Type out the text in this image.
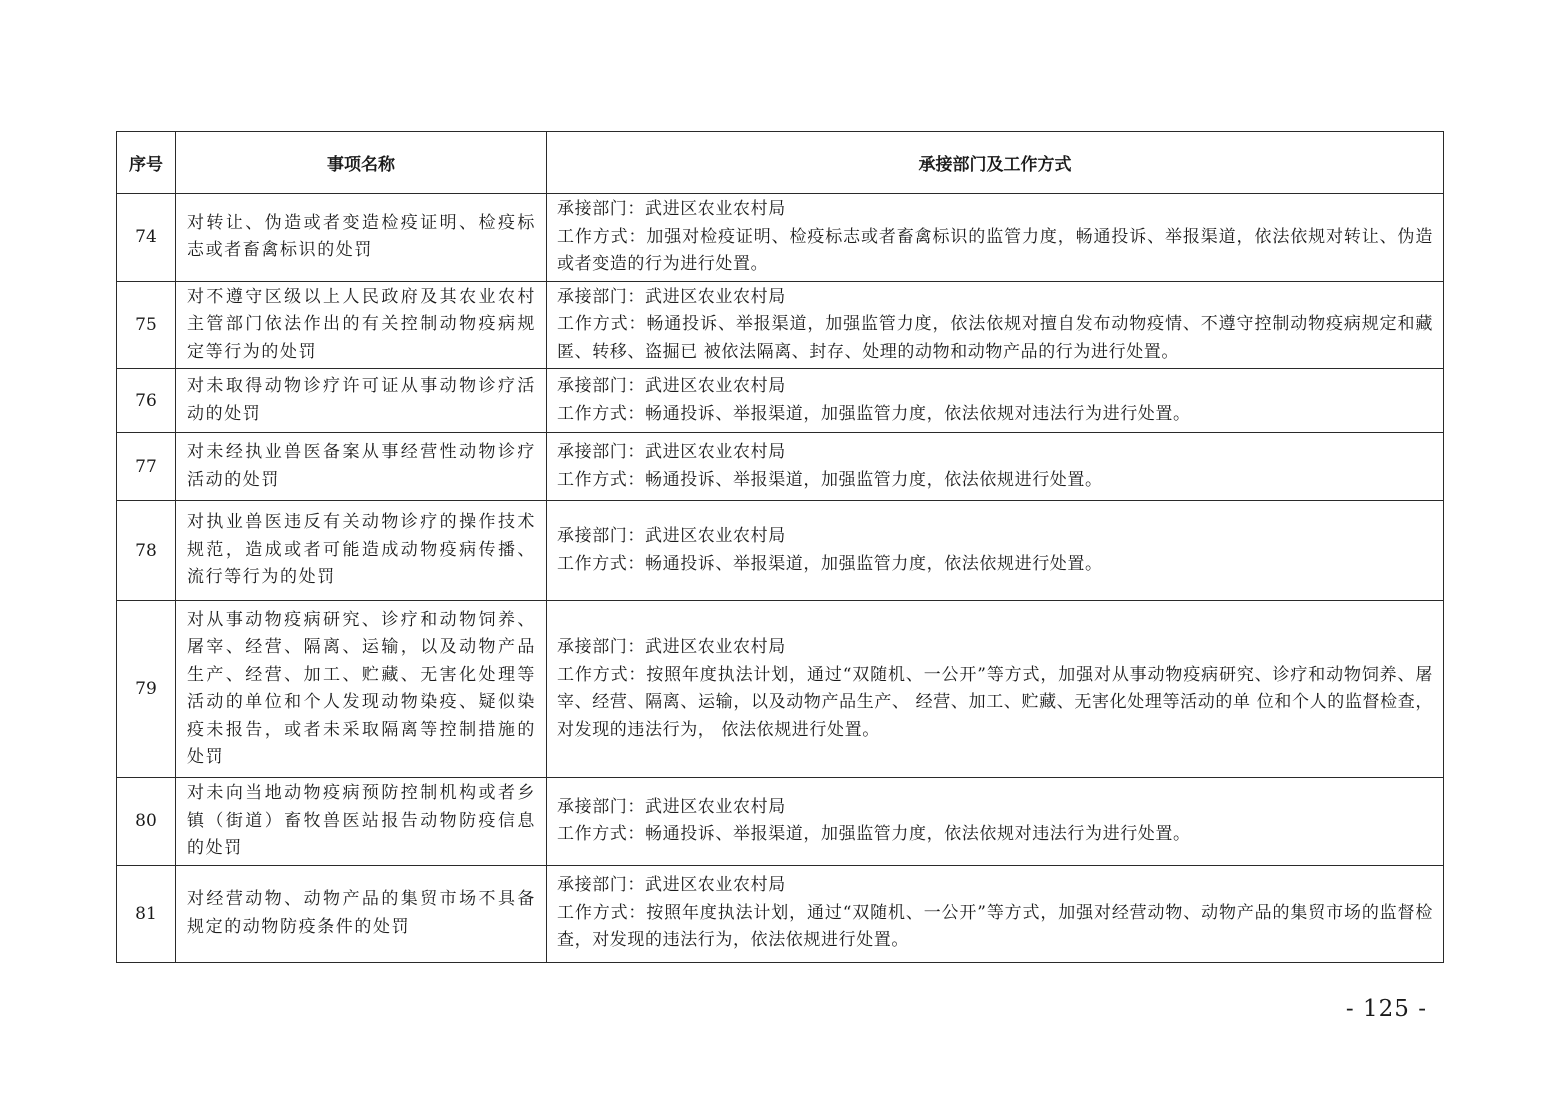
序号	事项名称	承接部门及工作方式
74	对转让、伪造或者变造检疫证明、检疫标志或者畜禽标识的处罚	承接部门：武进区农业农村局
工作方式：加强对检疫证明、检疫标志或者畜禽标识的监管力度，畅通投诉、举报渠道，依法依规对转让、伪造或者变造的行为进行处置。

75	对不遵守区级以上人民政府及其农业农村主管部门依法作出的有关控制动物疫病规定等行为的处罚	承接部门：武进区农业农村局
工作方式：畅通投诉、举报渠道，加强监管力度，依法依规对擅自发布动物疫情、不遵守控制动物疫病规定和藏匿、转移、盗掘已 被依法隔离、封存、处理的动物和动物产品的行为进行处置。

76	对未取得动物诊疗许可证从事动物诊疗活动的处罚	承接部门：武进区农业农村局
工作方式：畅通投诉、举报渠道，加强监管力度，依法依规对违法行为进行处置。

77	对未经执业兽医备案从事经营性动物诊疗活动的处罚	承接部门：武进区农业农村局
工作方式：畅通投诉、举报渠道，加强监管力度，依法依规进行处置。

78	对执业兽医违反有关动物诊疗的操作技术规范，造成或者可能造成动物疫病传播、流行等行为的处罚	承接部门：武进区农业农村局
工作方式：畅通投诉、举报渠道，加强监管力度，依法依规进行处置。

79	对从事动物疫病研究、诊疗和动物饲养、屠宰、经营、隔离、运输，以及动物产品生产、经营、加工、贮藏、无害化处理等活动的单位和个人发现动物染疫、疑似染疫未报告，或者未采取隔离等控制措施的处罚	承接部门：武进区农业农村局
工作方式：按照年度执法计划，通过“双随机、一公开”等方式，加强对从事动物疫病研究、诊疗和动物饲养、屠宰、经营、隔离、运输，以及动物产品生产、 经营、加工、贮藏、无害化处理等活动的单 位和个人的监督检查，对发现的违法行为， 依法依规进行处置。

80	对未向当地动物疫病预防控制机构或者乡镇（街道）畜牧兽医站报告动物防疫信息的处罚	承接部门：武进区农业农村局
工作方式：畅通投诉、举报渠道，加强监管力度，依法依规对违法行为进行处置。

81	对经营动物、动物产品的集贸市场不具备规定的动物防疫条件的处罚	承接部门：武进区农业农村局
工作方式：按照年度执法计划，通过“双随机、一公开”等方式，加强对经营动物、动物产品的集贸市场的监督检查，对发现的违法行为，依法依规进行处置。
- 125 -
